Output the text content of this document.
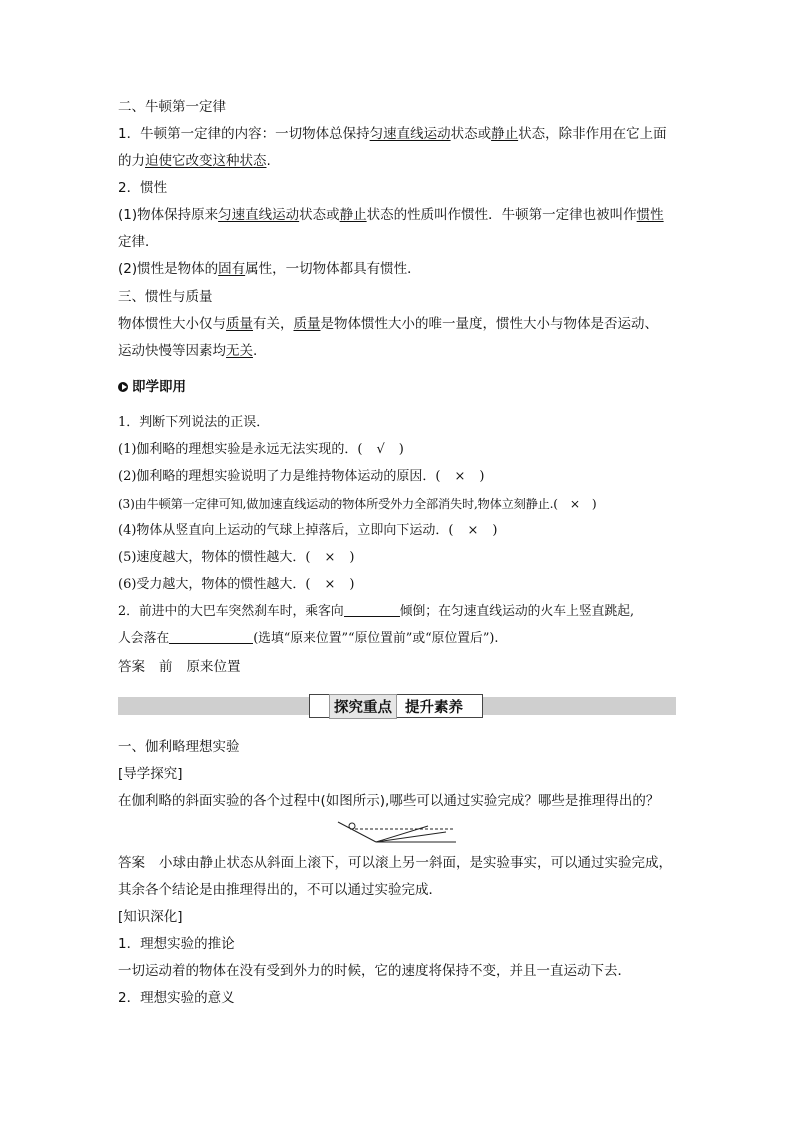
二、牛顿第一定律
1．牛顿第一定律的内容：一切物体总保持匀速直线运动状态或静止状态，除非作用在它上面
的力迫使它改变这种状态.
2．惯性
(1)物体保持原来匀速直线运动状态或静止状态的性质叫作惯性．牛顿第一定律也被叫作惯性
定律．
(2)惯性是物体的固有属性，一切物体都具有惯性．
三、惯性与质量
物体惯性大小仅与质量有关，质量是物体惯性大小的唯一量度，惯性大小与物体是否运动、
运动快慢等因素均无关.
即学即用
1．判断下列说法的正误．
(1)伽利略的理想实验是永远无法实现的．( √ )
(2)伽利略的理想实验说明了力是维持物体运动的原因．( × )
(3)由牛顿第一定律可知,做加速直线运动的物体所受外力全部消失时,物体立刻静止.( × )
(4)物体从竖直向上运动的气球上掉落后，立即向下运动．( × )
(5)速度越大，物体的惯性越大．( × )
(6)受力越大，物体的惯性越大．( × )
2．前进中的大巴车突然刹车时，乘客向	倾倒；在匀速直线运动的火车上竖直跳起,
人会落在	(选填“原来位置”“原位置前”或“原位置后”).
答案 前 原来位置
探究重点 提升素养
一、伽利略理想实验
[导学探究]
在伽利略的斜面实验的各个过程中(如图所示),哪些可以通过实验完成？哪些是推理得出的？
答案 小球由静止状态从斜面上滚下，可以滚上另一斜面，是实验事实，可以通过实验完成，
其余各个结论是由推理得出的，不可以通过实验完成．
[知识深化]
1．理想实验的推论
一切运动着的物体在没有受到外力的时候，它的速度将保持不变，并且一直运动下去．
2．理想实验的意义
